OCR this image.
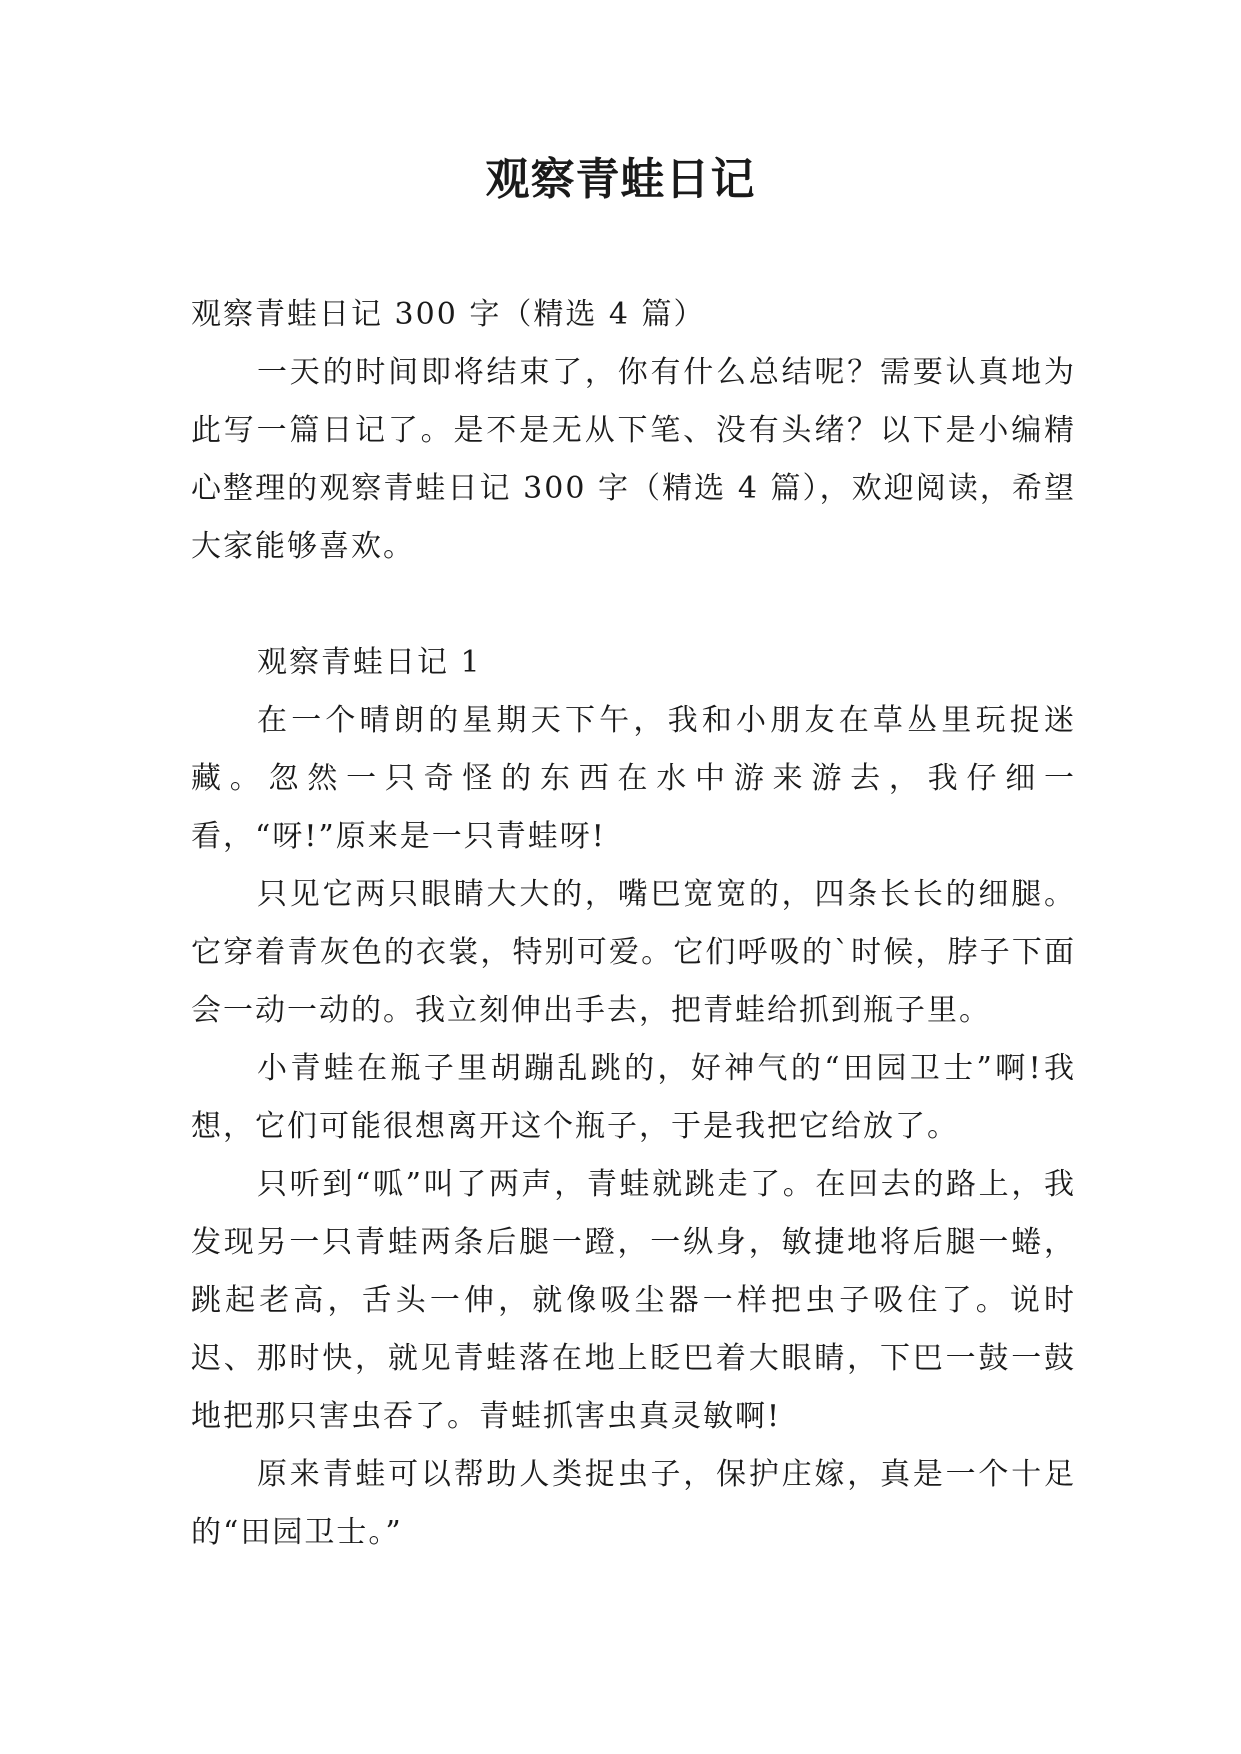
观察青蛙日记

观察青蛙日记 300 字（精选 4 篇）

一天的时间即将结束了，你有什么总结呢？需要认真地为此写一篇日记了。是不是无从下笔、没有头绪？以下是小编精心整理的观察青蛙日记 300 字（精选 4 篇），欢迎阅读，希望大家能够喜欢。

观察青蛙日记 1

在一个晴朗的星期天下午，我和小朋友在草丛里玩捉迷藏。忽然一只奇怪的东西在水中游来游去，我仔细一看，“呀!”原来是一只青蛙呀!

只见它两只眼睛大大的，嘴巴宽宽的，四条长长的细腿。它穿着青灰色的衣裳，特别可爱。它们呼吸的`时候，脖子下面会一动一动的。我立刻伸出手去，把青蛙给抓到瓶子里。

小青蛙在瓶子里胡蹦乱跳的，好神气的“田园卫士”啊!我想，它们可能很想离开这个瓶子，于是我把它给放了。

只听到“呱”叫了两声，青蛙就跳走了。在回去的路上，我发现另一只青蛙两条后腿一蹬，一纵身，敏捷地将后腿一蜷，跳起老高，舌头一伸，就像吸尘器一样把虫子吸住了。说时迟、那时快，就见青蛙落在地上眨巴着大眼睛，下巴一鼓一鼓地把那只害虫吞了。青蛙抓害虫真灵敏啊!

原来青蛙可以帮助人类捉虫子，保护庄嫁，真是一个十足的“田园卫士。”
